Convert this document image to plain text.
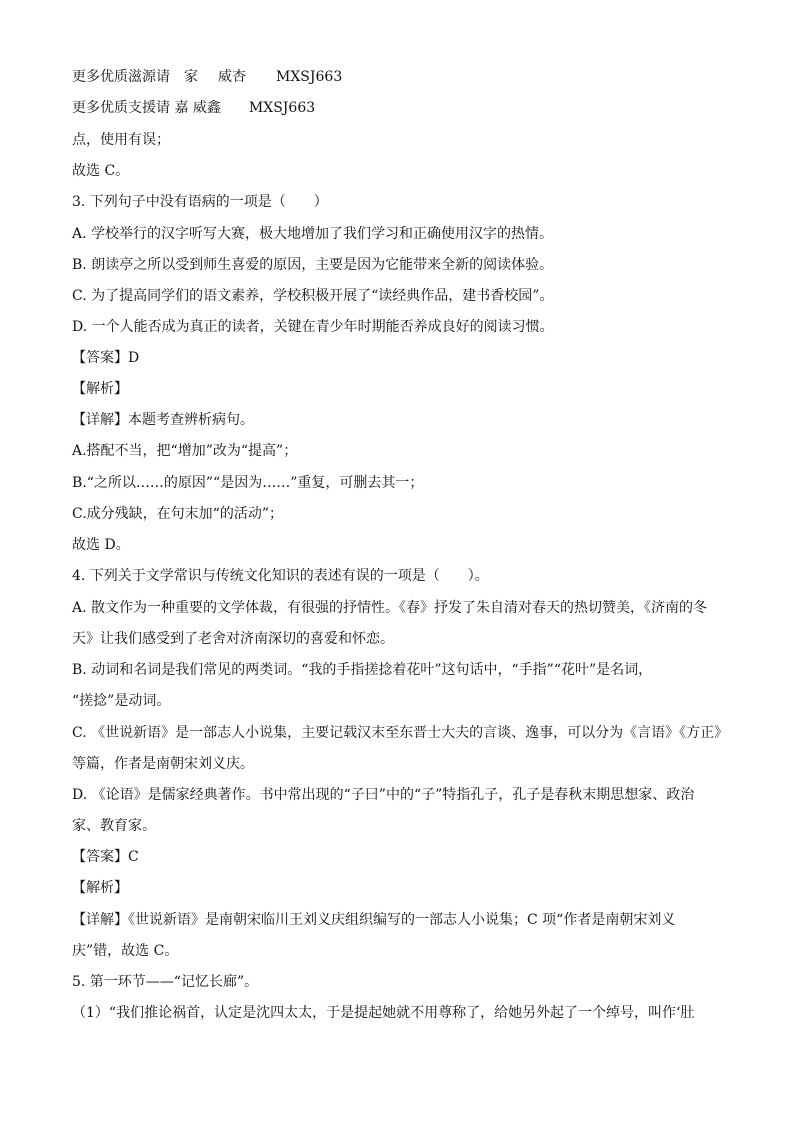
更多优质滋源请 家 威杏 MXSJ663
更多优质支援请 嘉 威鑫 MXSJ663
点，使用有误；
故选 C。
3. 下列句子中没有语病的一项是（　　）
A. 学校举行的汉字听写大赛，极大地增加了我们学习和正确使用汉字的热情。
B. 朗读亭之所以受到师生喜爱的原因，主要是因为它能带来全新的阅读体验。
C. 为了提高同学们的语文素养，学校积极开展了“读经典作品，建书香校园”。
D. 一个人能否成为真正的读者，关键在青少年时期能否养成良好的阅读习惯。
【答案】D
【解析】
【详解】本题考查辨析病句。
A.搭配不当，把“增加”改为“提高”；
B.“之所以……的原因”“是因为……”重复，可删去其一；
C.成分残缺，在句末加“的活动”；
故选 D。
4. 下列关于文学常识与传统文化知识的表述有误的一项是（　　）。
A. 散文作为一种重要的文学体裁，有很强的抒情性。《春》抒发了朱自清对春天的热切赞美，《济南的冬天》让我们感受到了老舍对济南深切的喜爱和怀恋。
B. 动词和名词是我们常见的两类词。“我的手指搓捻着花叶”这句话中，“手指”“花叶”是名词，
“搓捻”是动词。
C. 《世说新语》是一部志人小说集，主要记载汉末至东晋士大夫的言谈、逸事，可以分为《言语》《方正》等篇，作者是南朝宋刘义庆。
D. 《论语》是儒家经典著作。书中常出现的“子曰”中的“子”特指孔子，孔子是春秋末期思想家、政治家、教育家。
【答案】C
【解析】
【详解】《世说新语》是南朝宋临川王刘义庆组织编写的一部志人小说集；C 项“作者是南朝宋刘义庆”错，故选 C。
5. 第一环节——“记忆长廊”。
（1）“我们推论祸首，认定是沈四太太，于是提起她就不用尊称了，给她另外起了一个绰号，叫作‘肚
